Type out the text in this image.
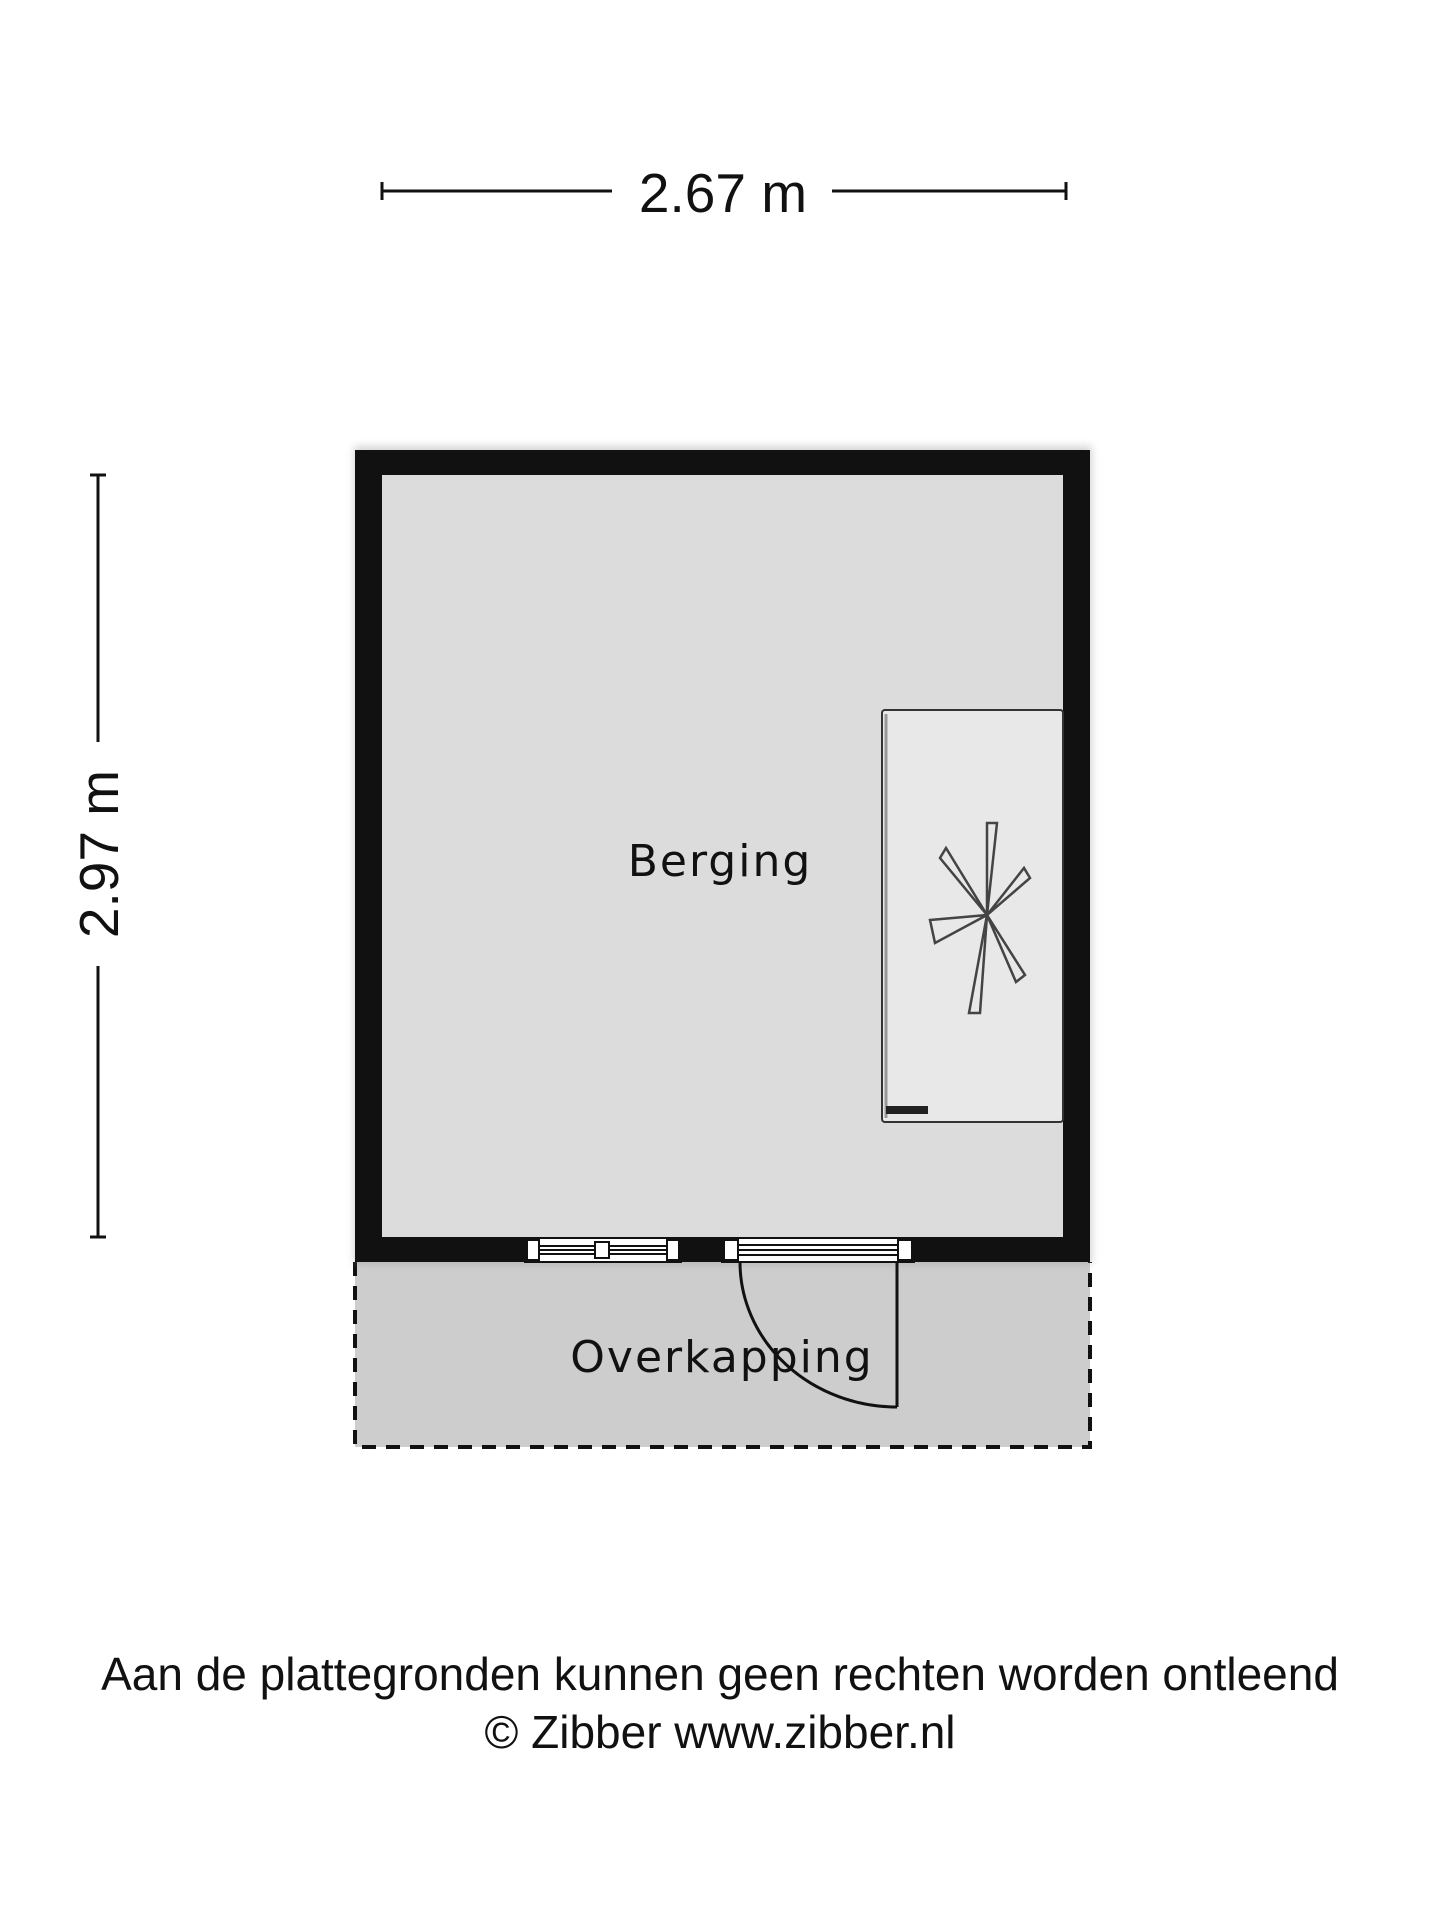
2.67 m
2.97 m	Berging
Overkapping
Aan de plattegronden kunnen geen rechten worden ontleend
© Zibber www.zibber.nl
